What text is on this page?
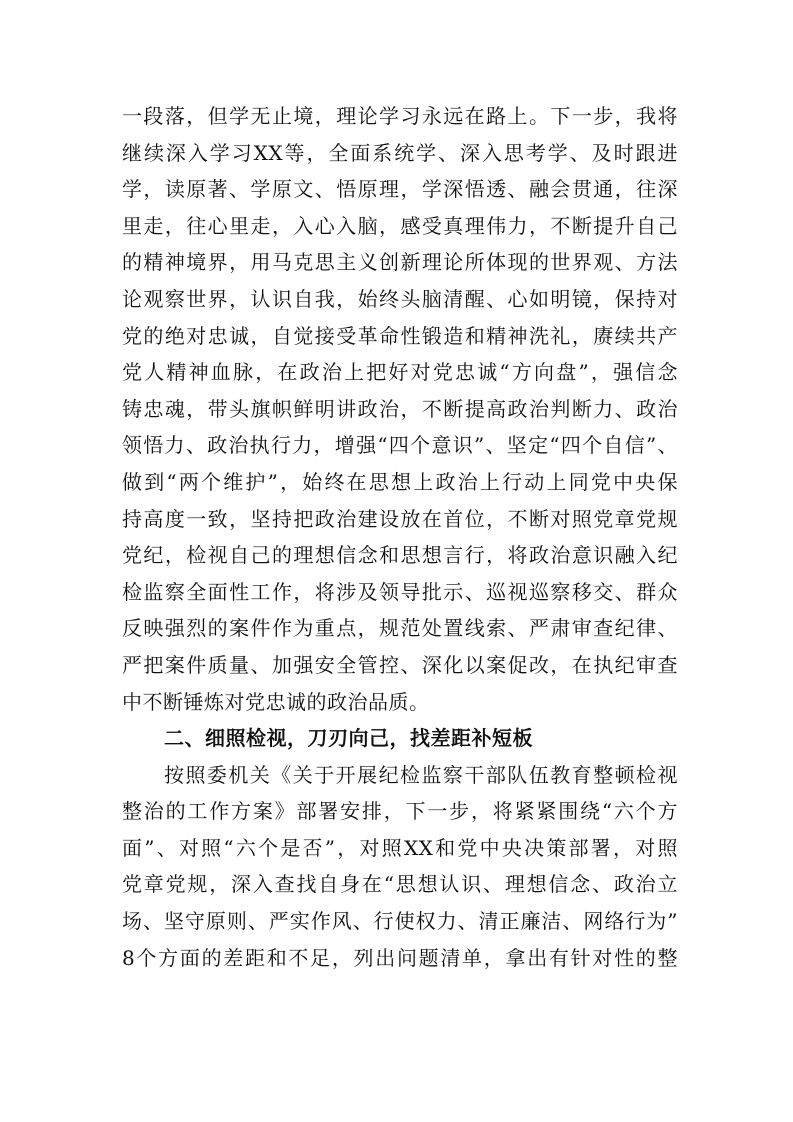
一段落，但学无止境，理论学习永远在路上。下一步，我将
继续深入学习XX等，全面系统学、深入思考学、及时跟进
学，读原著、学原文、悟原理，学深悟透、融会贯通，往深
里走，往心里走，入心入脑，感受真理伟力，不断提升自己
的精神境界，用马克思主义创新理论所体现的世界观、方法
论观察世界，认识自我，始终头脑清醒、心如明镜，保持对
党的绝对忠诚，自觉接受革命性锻造和精神洗礼，赓续共产
党人精神血脉，在政治上把好对党忠诚“方向盘”，强信念
铸忠魂，带头旗帜鲜明讲政治，不断提高政治判断力、政治
领悟力、政治执行力，增强“四个意识”、坚定“四个自信”、
做到“两个维护”，始终在思想上政治上行动上同党中央保
持高度一致，坚持把政治建设放在首位，不断对照党章党规
党纪，检视自己的理想信念和思想言行，将政治意识融入纪
检监察全面性工作，将涉及领导批示、巡视巡察移交、群众
反映强烈的案件作为重点，规范处置线索、严肃审查纪律、
严把案件质量、加强安全管控、深化以案促改，在执纪审查
中不断锤炼对党忠诚的政治品质。
二、细照检视，刀刃向己，找差距补短板
按照委机关《关于开展纪检监察干部队伍教育整顿检视
整治的工作方案》部署安排，下一步，将紧紧围绕“六个方
面”、对照“六个是否”，对照XX和党中央决策部署，对照
党章党规，深入查找自身在“思想认识、理想信念、政治立
场、坚守原则、严实作风、行使权力、清正廉洁、网络行为”
8个方面的差距和不足，列出问题清单，拿出有针对性的整
